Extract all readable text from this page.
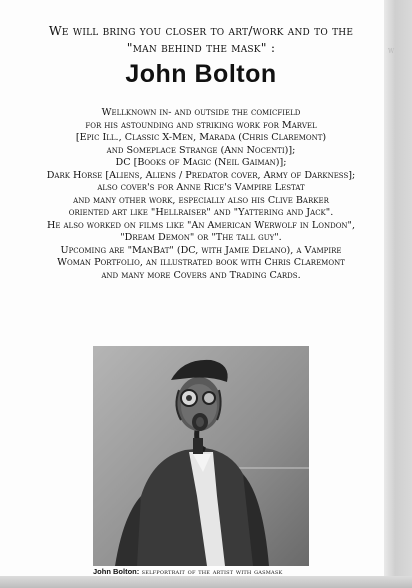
W

We will bring you closer to art/work and to the
"man behind the mask" :
John Bolton
Wellknown in- and outside the comicfield
for his astounding and striking work for Marvel
[Epic Ill., Classic X-Men, Marada (Chris Claremont)
and Someplace Strange (Ann Nocenti)];
DC [Books of Magic (Neil Gaiman)];
Dark Horse [Aliens, Aliens / Predator cover, Army of Darkness];
also cover's for Anne Rice's Vampire Lestat
and many other work, especially also his Clive Barker
oriented art like "Hellraiser" and "Yattering and Jack".
He also worked on films like "An American Werwolf in London",
"Dream Demon" or "The tall guy".
Upcoming are "ManBat" (DC, with Jamie Delano), a Vampire
Woman Portfolio, an illustrated book with Chris Claremont
and many more Covers and Trading Cards.
John Bolton: selfportrait of the artist with gasmask
